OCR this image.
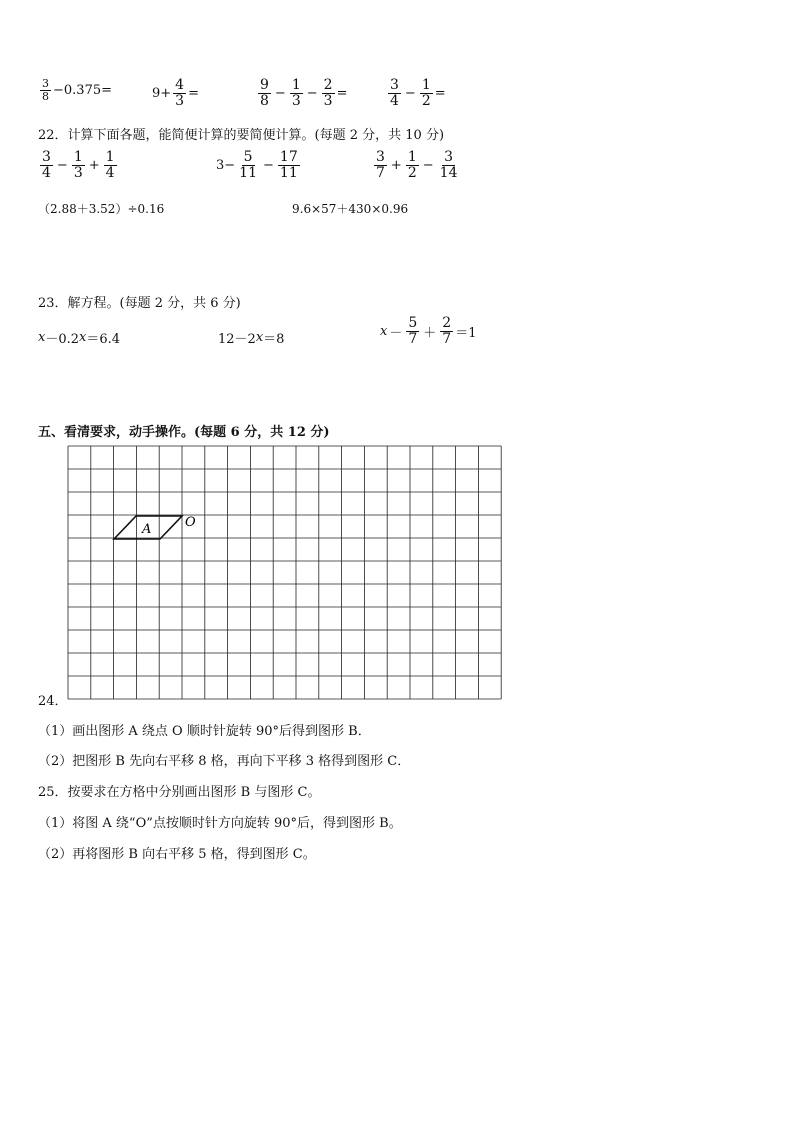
$\frac{3}{8} -0.375=$	$9+ \frac{4}{3}$ =	$\frac{9}{8} - \frac{1}{3} - \frac{2}{3}$ =	$\frac{3}{4} - \frac{1}{2}$ =
22．计算下面各题，能简便计算的要简便计算。(每题 2 分，共 10 分)
$\frac{3}{4} - \frac{1}{3} + \frac{1}{4}$	$3- \frac{5}{11} - \frac{17}{11}$	$\frac{3}{7} + \frac{1}{2} - \frac{3}{14}$
（2.88＋3.52）÷0.16	9.6×57＋430×0.96
23．解方程。(每题 2 分，共 6 分)
x －0.2 x ＝6.4	12－2 x ＝8
$x - \frac{5}{7} + \frac{2}{7} =1$
五、看清要求，动手操作。(每题 6 分，共 12 分)
A	O
24．
（1）画出图形 A 绕点 O 顺时针旋转 90°后得到图形 B．
（2）把图形 B 先向右平移 8 格，再向下平移 3 格得到图形 C．
25．按要求在方格中分别画出图形 B 与图形 C。
（1）将图 A 绕“O”点按顺时针方向旋转 90°后，得到图形 B。
（2）再将图形 B 向右平移 5 格，得到图形 C。
